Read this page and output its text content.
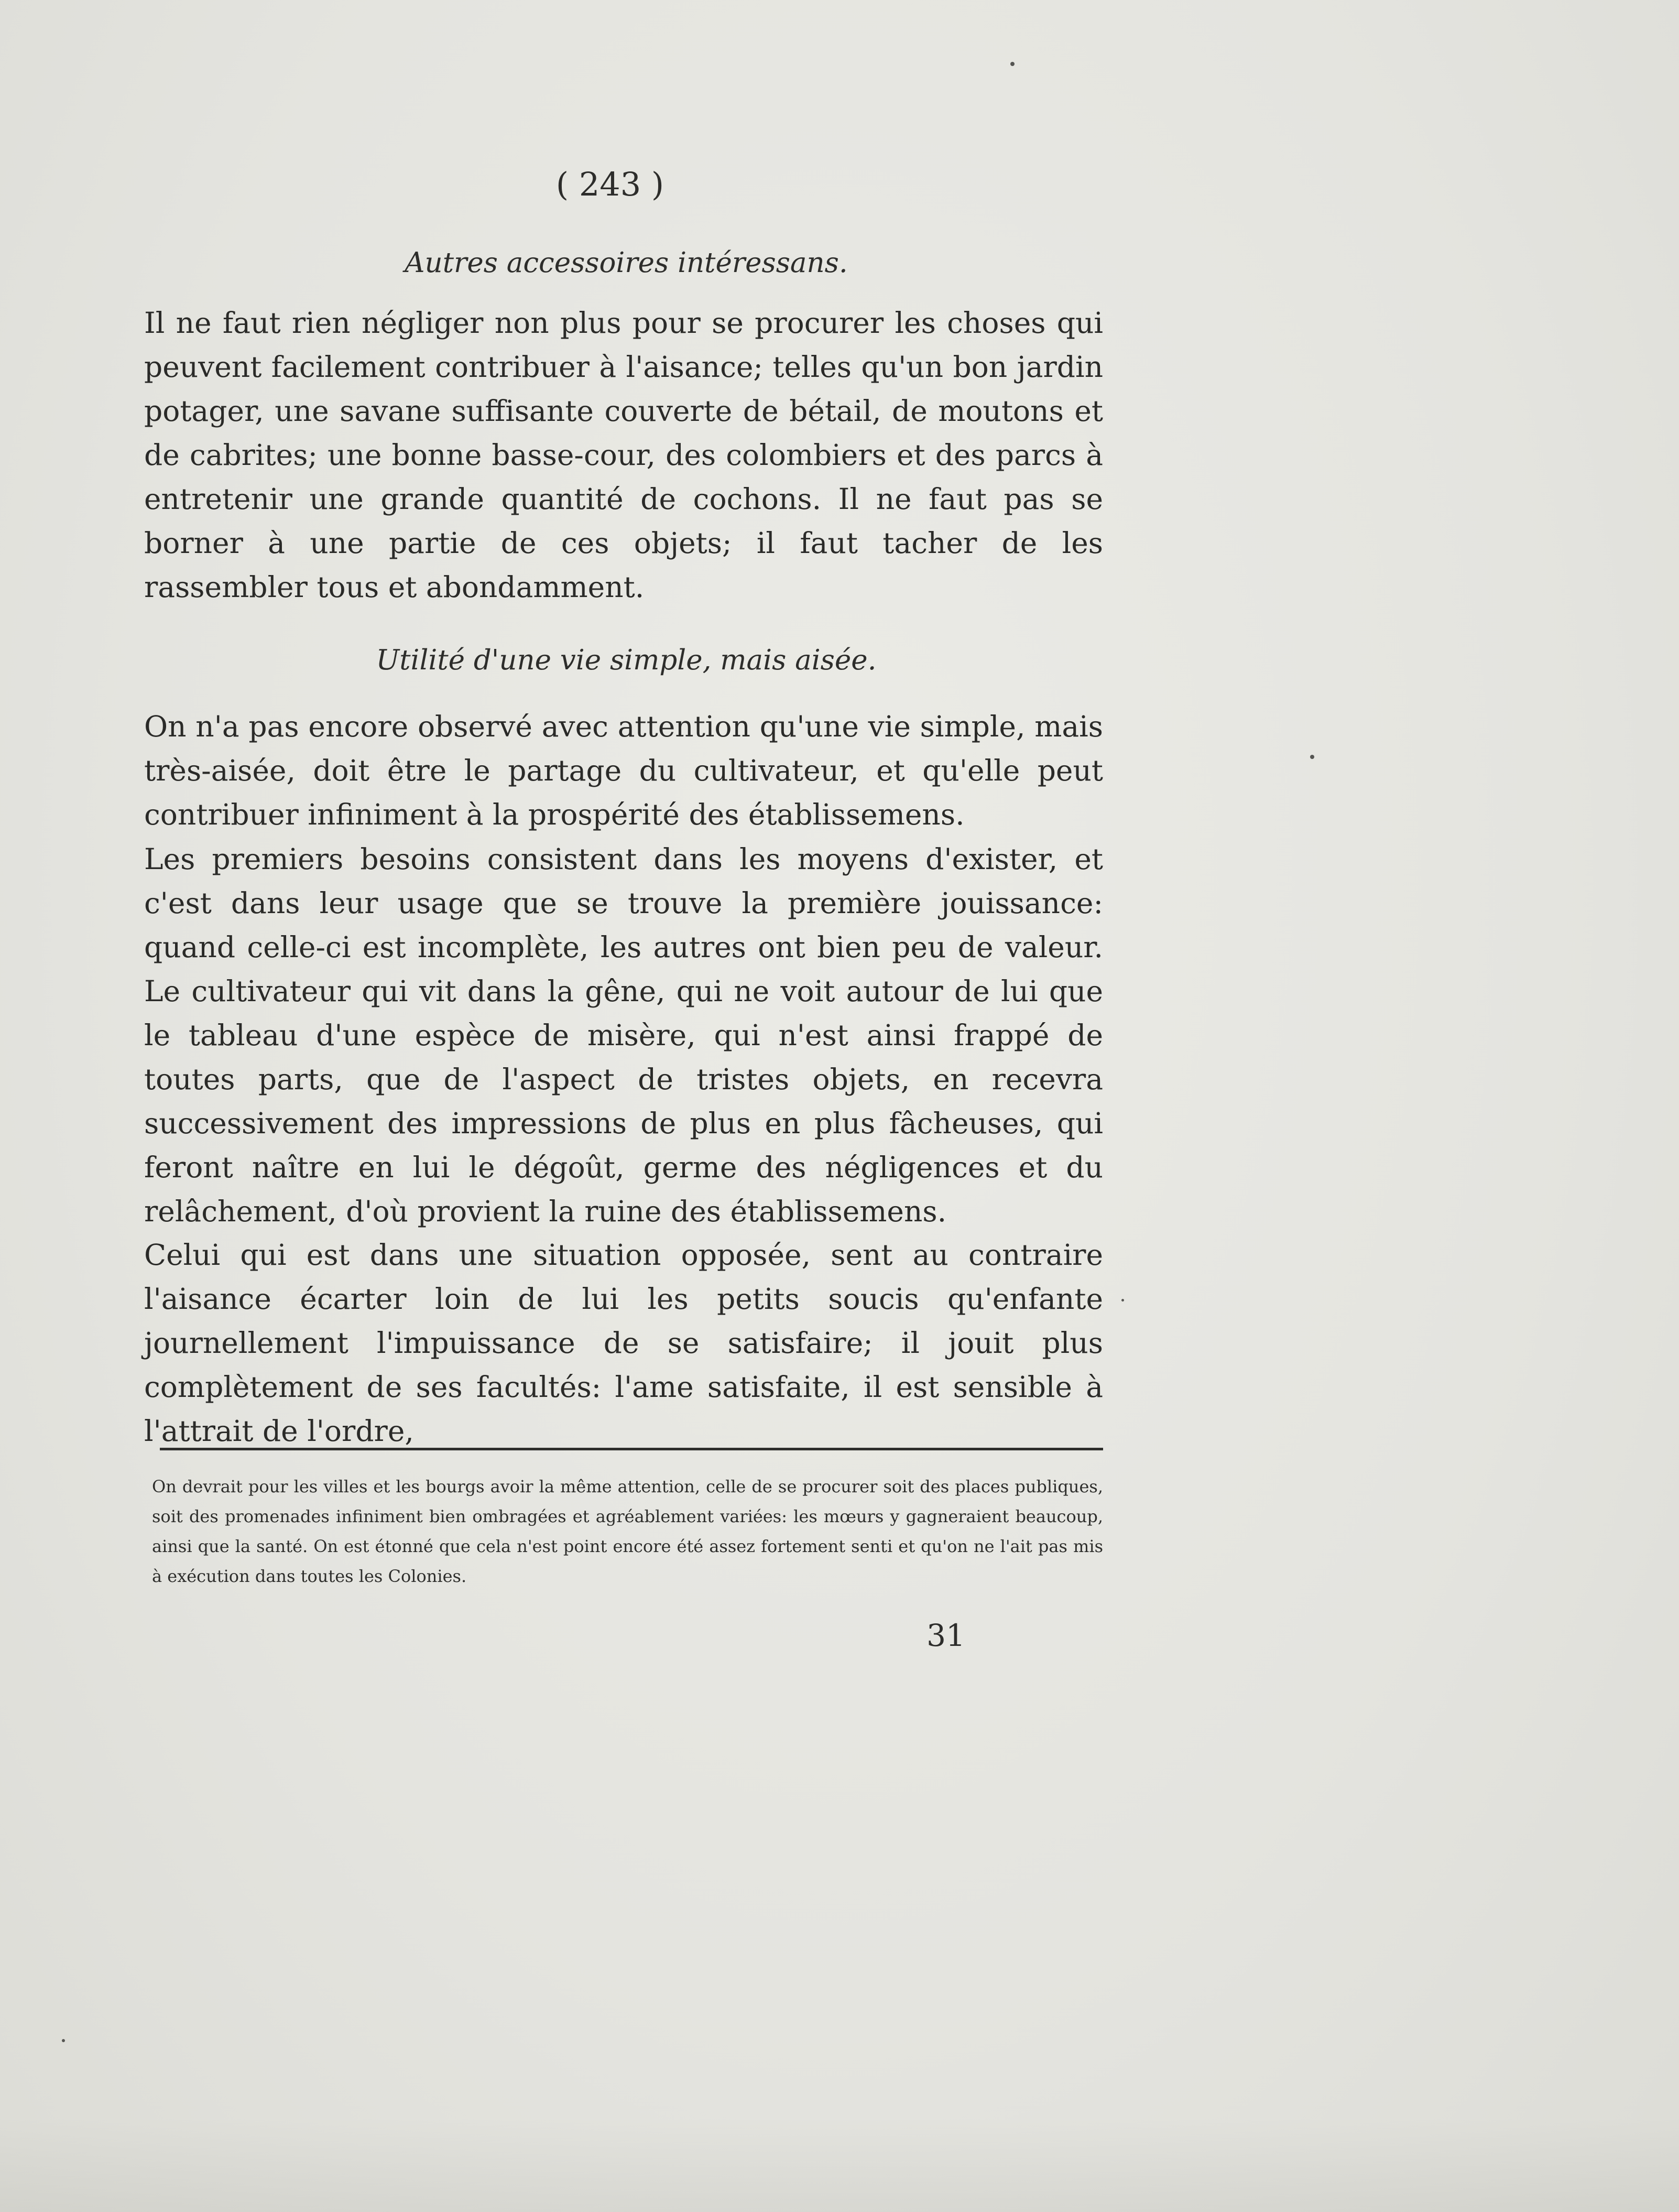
( 243 )
Autres accessoires intéressans.

Il ne faut rien négliger non plus pour se procurer les choses qui peuvent facilement contribuer à l'aisance; telles qu'un bon jardin potager, une savane suffisante couverte de bétail, de moutons et de cabrites; une bonne basse-cour, des colombiers et des parcs à entretenir une grande quantité de cochons. Il ne faut pas se borner à une partie de ces objets; il faut tacher de les rassembler tous et abondamment.

Utilité d'une vie simple, mais aisée.

On n'a pas encore observé avec attention qu'une vie simple, mais très-aisée, doit être le partage du cultivateur, et qu'elle peut contribuer infiniment à la prospérité des établissemens.

Les premiers besoins consistent dans les moyens d'exister, et c'est dans leur usage que se trouve la première jouissance: quand celle-ci est incomplète, les autres ont bien peu de valeur. Le cultivateur qui vit dans la gêne, qui ne voit autour de lui que le tableau d'une espèce de misère, qui n'est ainsi frappé de toutes parts, que de l'aspect de tristes objets, en recevra successivement des impressions de plus en plus fâcheuses, qui feront naître en lui le dégoût, germe des négligences et du relâchement, d'où provient la ruine des établissemens.

Celui qui est dans une situation opposée, sent au contraire l'aisance écarter loin de lui les petits soucis qu'enfante journellement l'impuissance de se satisfaire; il jouit plus complètement de ses facultés: l'ame satisfaite, il est sensible à l'attrait de l'ordre,

On devrait pour les villes et les bourgs avoir la même attention, celle de se procurer soit des places publiques, soit des promenades infiniment bien ombragées et agréablement variées: les mœurs y gagneraient beaucoup, ainsi que la santé. On est étonné que cela n'est point encore été assez fortement senti et qu'on ne l'ait pas mis à exécution dans toutes les Colonies.

31
